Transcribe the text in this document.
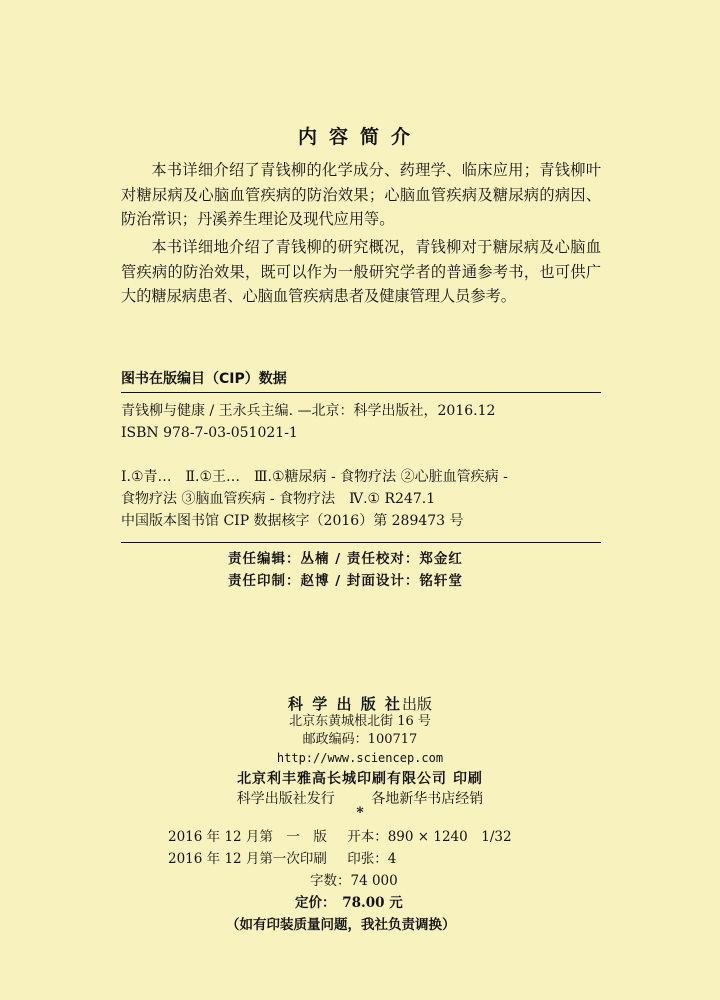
内容简介

本书详细介绍了青钱柳的化学成分、药理学、临床应用；青钱柳叶对糖尿病及心脑血管疾病的防治效果；心脑血管疾病及糖尿病的病因、防治常识；丹溪养生理论及现代应用等。

本书详细地介绍了青钱柳的研究概况，青钱柳对于糖尿病及心脑血管疾病的防治效果，既可以作为一般研究学者的普通参考书，也可供广大的糖尿病患者、心脑血管疾病患者及健康管理人员参考。

图书在版编目（CIP）数据
青钱柳与健康 / 王永兵主编. —北京：科学出版社，2016.12
ISBN 978-7-03-051021-1
Ⅰ.①青…　Ⅱ.①王…　Ⅲ.①糖尿病 - 食物疗法 ②心脏血管疾病 -
食物疗法 ③脑血管疾病 - 食物疗法　Ⅳ.① R247.1
中国版本图书馆 CIP 数据核字（2016）第 289473 号
责任编辑：丛楠 / 责任校对：郑金红
责任印制：赵博 / 封面设计：铭轩堂
科 学 出 版 社出版
北京东黄城根北街 16 号
邮政编码：100717
http://www.sciencep.com
北京利丰雅高长城印刷有限公司 印刷
科学出版社发行	各地新华书店经销
*
2016 年 12 月第　一　版 开本：890 × 1240　1/32
2016 年 12 月第一次印刷 印张：4
字数：74 000
定价：　78.00 元
（如有印装质量问题，我社负责调换）
